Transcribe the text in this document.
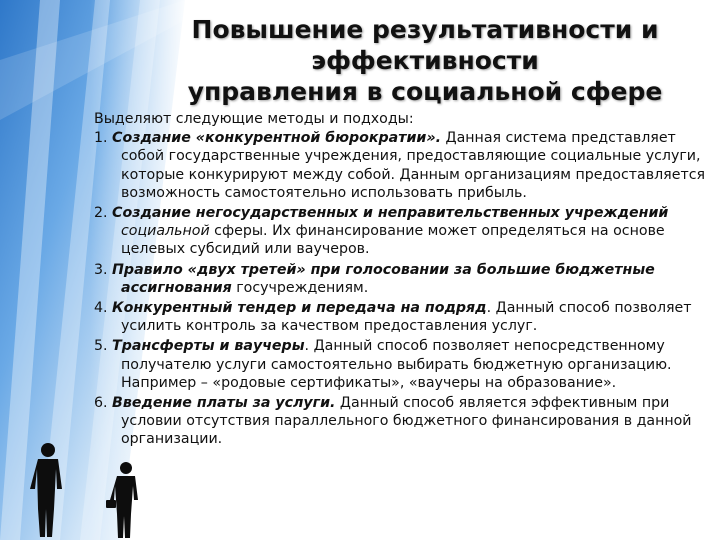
Повышение результативности и
эффективности
управления в социальной сфере

Выделяют следующие методы и подходы:

1. Создание «конкурентной бюрократии». Данная система представляет собой государственные учреждения, предоставляющие социальные услуги, которые конкурируют между собой. Данным организациям предоставляется возможность самостоятельно использовать прибыль.

2. Создание негосударственных и неправительственных учреждений социальной сферы. Их финансирование может определяться на основе целевых субсидий или ваучеров.

3. Правило «двух третей» при голосовании за большие бюджетные ассигнования госучреждениям.

4. Конкурентный тендер и передача на подряд. Данный способ позволяет усилить контроль за качеством предоставления услуг.

5. Трансферты и ваучеры. Данный способ позволяет непосредственному получателю услуги самостоятельно выбирать бюджетную организацию. Например – «родовые сертификаты», «ваучеры на образование».

6. Введение платы за услуги. Данный способ является эффективным при условии отсутствия параллельного бюджетного финансирования в данной организации.
